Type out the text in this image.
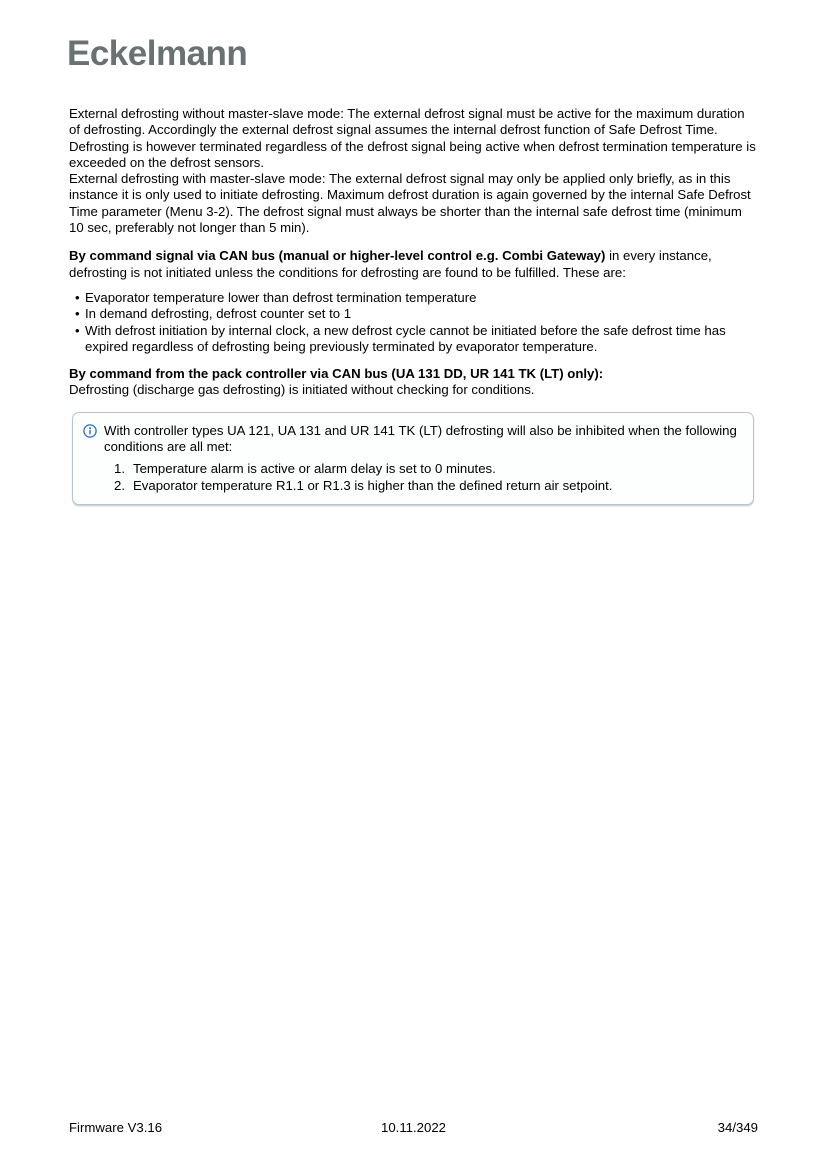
Eckelmann

External defrosting without master-slave mode: The external defrost signal must be active for the maximum duration of defrosting. Accordingly the external defrost signal assumes the internal defrost function of Safe Defrost Time. Defrosting is however terminated regardless of the defrost signal being active when defrost termination temperature is exceeded on the defrost sensors.

External defrosting with master-slave mode: The external defrost signal may only be applied only briefly, as in this instance it is only used to initiate defrosting. Maximum defrost duration is again governed by the internal Safe Defrost Time parameter (Menu 3-2). The defrost signal must always be shorter than the internal safe defrost time (minimum 10 sec, preferably not longer than 5 min).

By command signal via CAN bus (manual or higher-level control e.g. Combi Gateway) in every instance, defrosting is not initiated unless the conditions for defrosting are found to be fulfilled. These are:
• Evaporator temperature lower than defrost termination temperature
• In demand defrosting, defrost counter set to 1
• With defrost initiation by internal clock, a new defrost cycle cannot be initiated before the safe defrost time has expired regardless of defrosting being previously terminated by evaporator temperature.
By command from the pack controller via CAN bus (UA 131 DD, UR 141 TK (LT) only):
Defrosting (discharge gas defrosting) is initiated without checking for conditions.
With controller types UA 121, UA 131 and UR 141 TK (LT) defrosting will also be inhibited when the following conditions are all met:
1. Temperature alarm is active or alarm delay is set to 0 minutes.
2. Evaporator temperature R1.1 or R1.3 is higher than the defined return air setpoint.
Firmware V3.16	10.11.2022	34/349
